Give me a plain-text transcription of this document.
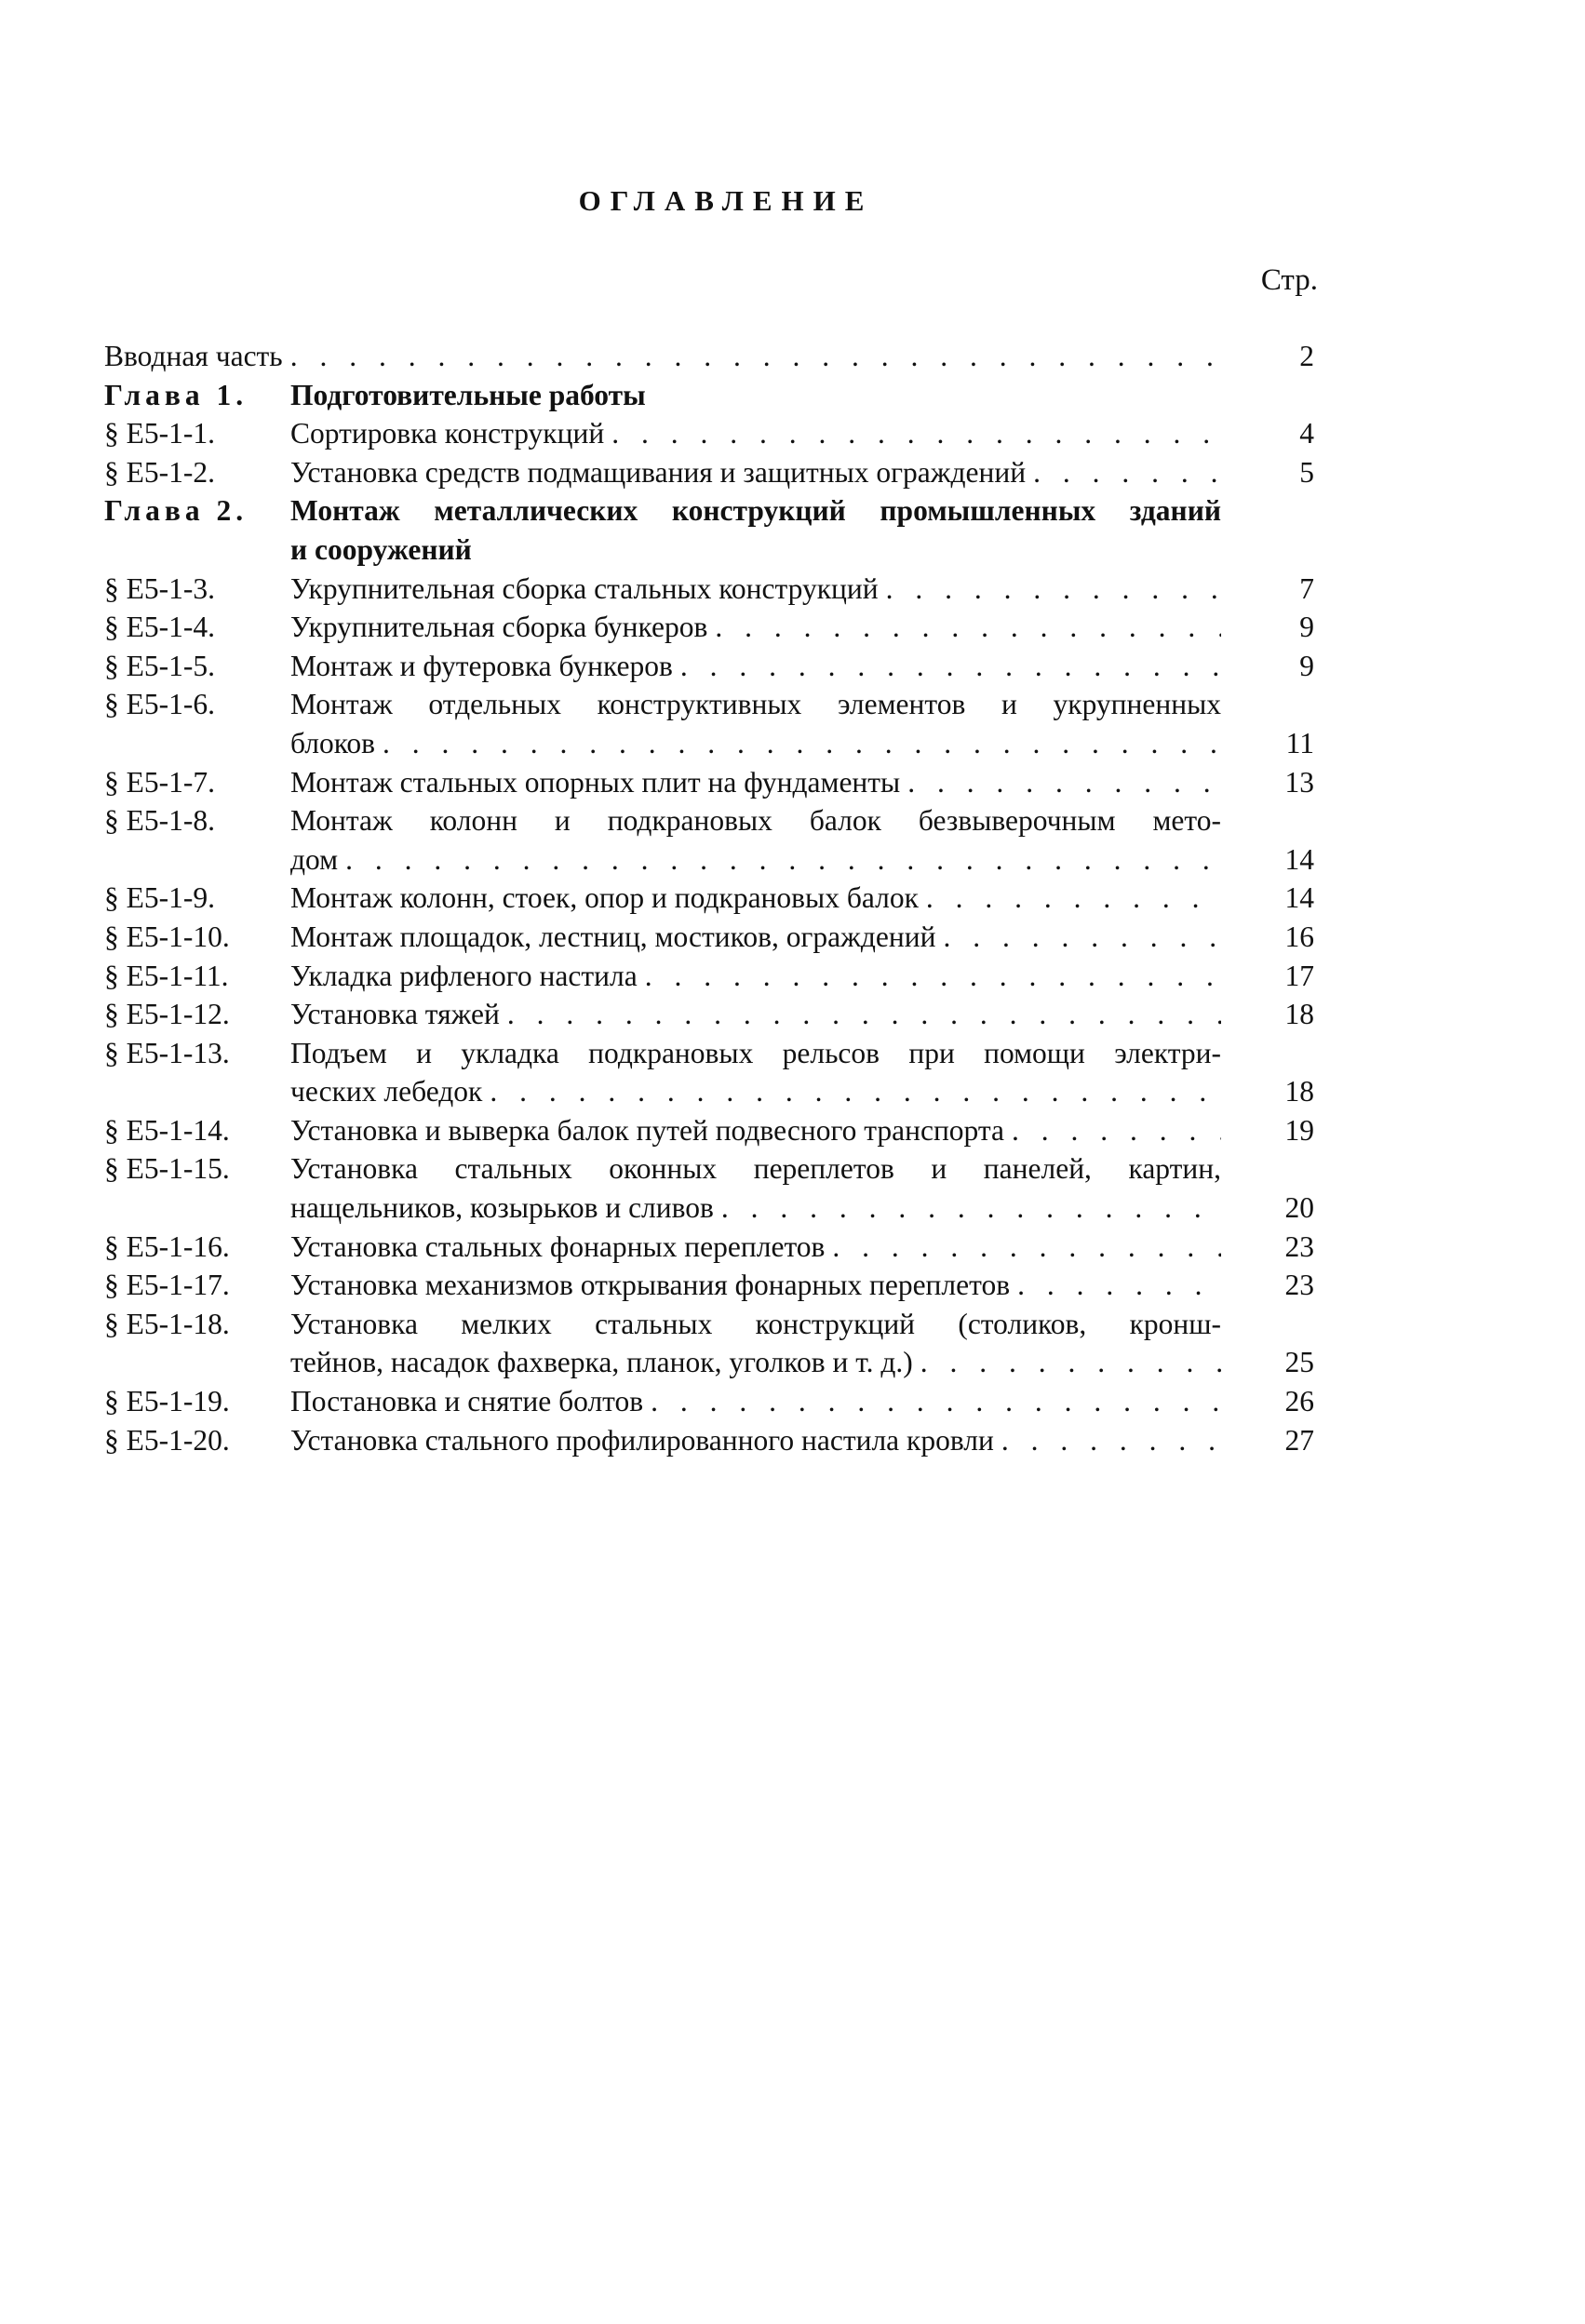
ОГЛАВЛЕНИЕ
Стр.
Вводная часть . . .	2
Глава 1.	Подготовительные работы
§ Е5-1-1.	Сортировка конструкций . . .	4
§ Е5-1-2.	Установка средств подмащивания и защитных ограждений . . .	5
Глава 2.	Монтаж металлических конструкций промышленных зданий
и сооружений
§ Е5-1-3.	Укрупнительная сборка стальных конструкций . . .	7
§ Е5-1-4.	Укрупнительная сборка бункеров . . .	9
§ Е5-1-5.	Монтаж и футеровка бункеров . . .	9
§ Е5-1-6.	Монтаж отдельных конструктивных элементов и укрупненных
блоков . . .	11
§ Е5-1-7.	Монтаж стальных опорных плит на фундаменты . . .	13
§ Е5-1-8.	Монтаж колонн и подкрановых балок безвыверочным мето-
дом . . .	14
§ Е5-1-9.	Монтаж колонн, стоек, опор и подкрановых балок . . .	14
§ Е5-1-10.	Монтаж площадок, лестниц, мостиков, ограждений . . .	16
§ Е5-1-11.	Укладка рифленого настила . . .	17
§ Е5-1-12.	Установка тяжей . . .	18
§ Е5-1-13.	Подъем и укладка подкрановых рельсов при помощи электри-
ческих лебедок . . .	18
§ Е5-1-14.	Установка и выверка балок путей подвесного транспорта . . .	19
§ Е5-1-15.	Установка стальных оконных переплетов и панелей, картин,
нащельников, козырьков и сливов . . .	20
§ Е5-1-16.	Установка стальных фонарных переплетов . . .	23
§ Е5-1-17.	Установка механизмов открывания фонарных переплетов . . .	23
§ Е5-1-18.	Установка мелких стальных конструкций (столиков, кронш-
тейнов, насадок фахверка, планок, уголков и т. д.) . . .	25
§ Е5-1-19.	Постановка и снятие болтов . . .	26
§ Е5-1-20.	Установка стального профилированного настила кровли . . .	27
